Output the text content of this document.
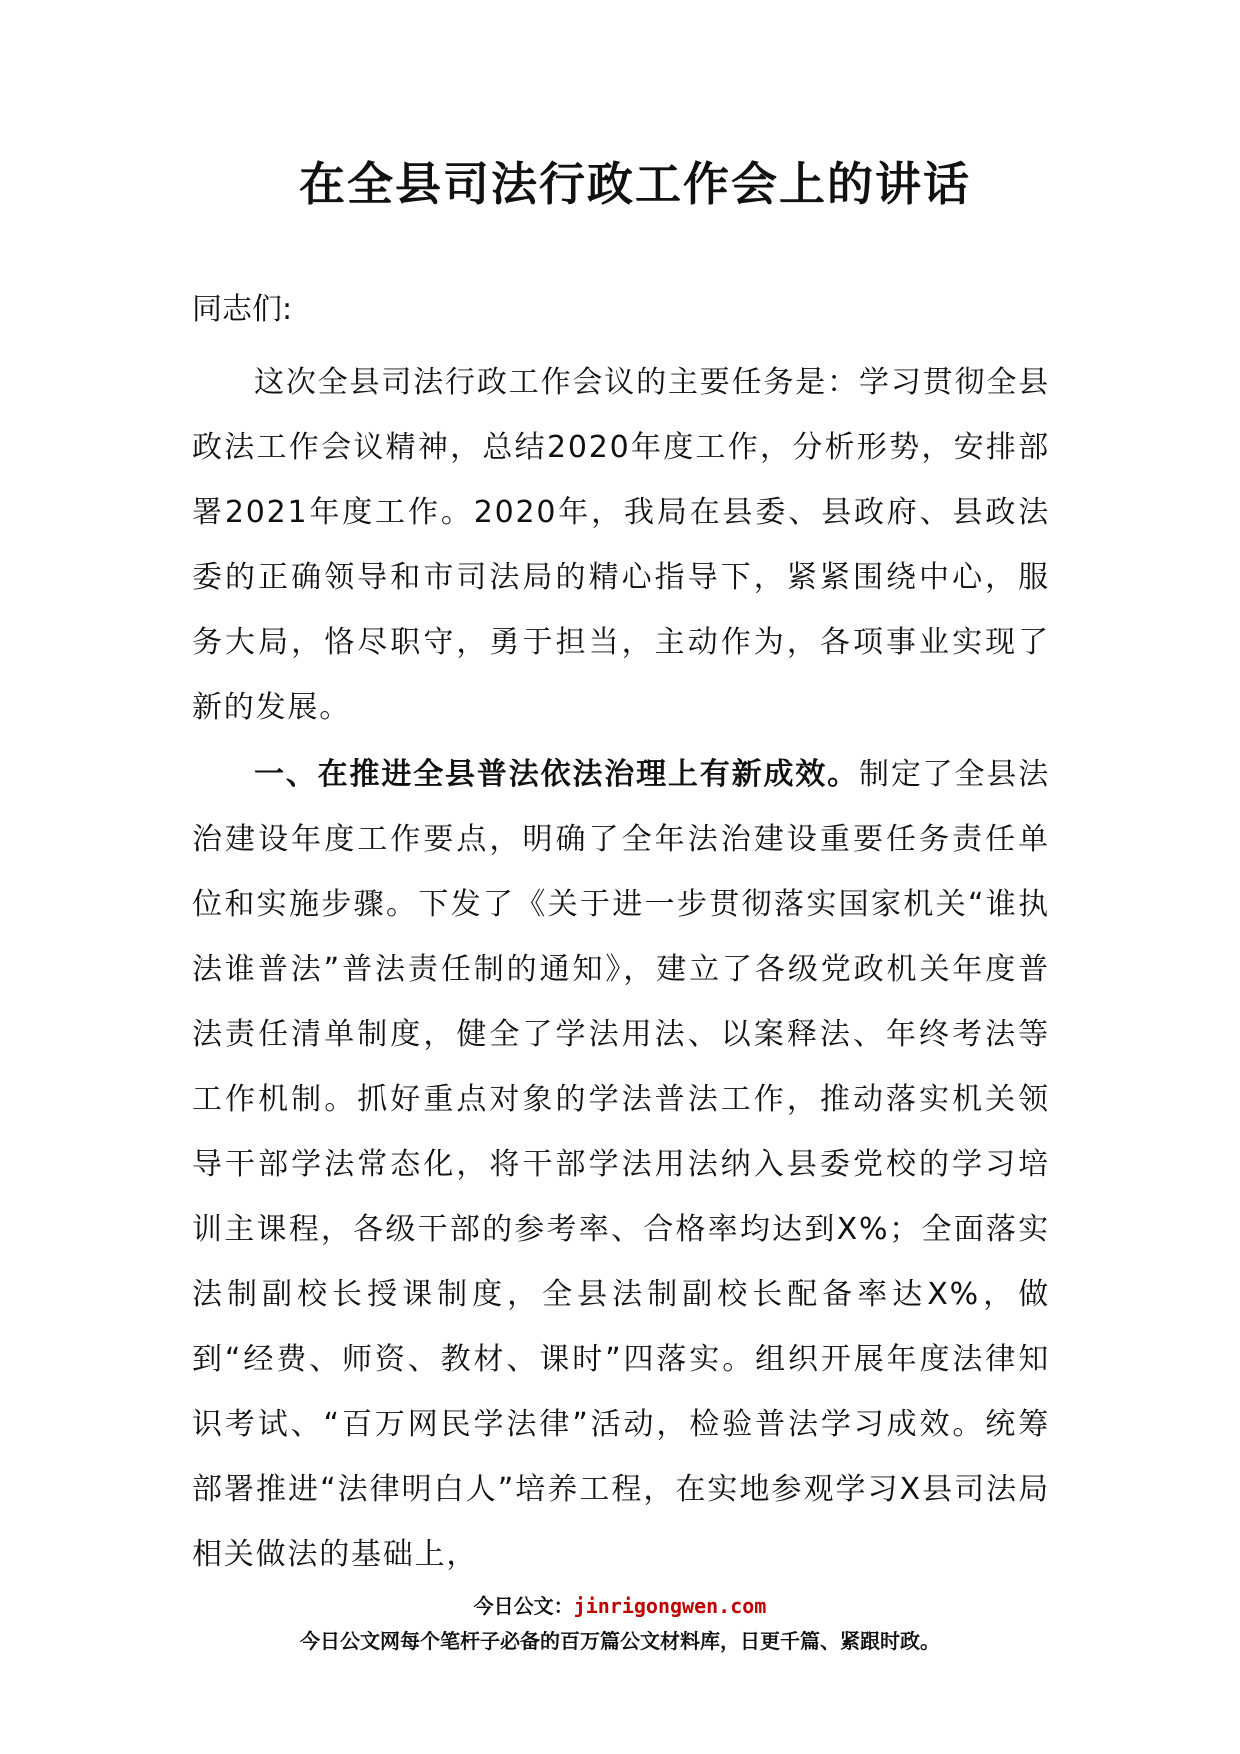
在全县司法行政工作会上的讲话

同志们:

这次全县司法行政工作会议的主要任务是：学习贯彻全县政法工作会议精神，总结2020年度工作，分析形势，安排部署2021年度工作。2020年，我局在县委、县政府、县政法委的正确领导和市司法局的精心指导下，紧紧围绕中心，服务大局，恪尽职守，勇于担当，主动作为，各项事业实现了新的发展。

一、在推进全县普法依法治理上有新成效。制定了全县法治建设年度工作要点，明确了全年法治建设重要任务责任单位和实施步骤。下发了《关于进一步贯彻落实国家机关“谁执法谁普法”普法责任制的通知》，建立了各级党政机关年度普法责任清单制度，健全了学法用法、以案释法、年终考法等工作机制。抓好重点对象的学法普法工作，推动落实机关领导干部学法常态化，将干部学法用法纳入县委党校的学习培训主课程，各级干部的参考率、合格率均达到X%；全面落实法制副校长授课制度，全县法制副校长配备率达X%，做到“经费、师资、教材、课时”四落实。组织开展年度法律知识考试、“百万网民学法律”活动，检验普法学习成效。统筹部署推进“法律明白人”培养工程，在实地参观学习X县司法局相关做法的基础上，

今日公文：jinrigongwen.com

今日公文网每个笔杆子必备的百万篇公文材料库，日更千篇、紧跟时政。
